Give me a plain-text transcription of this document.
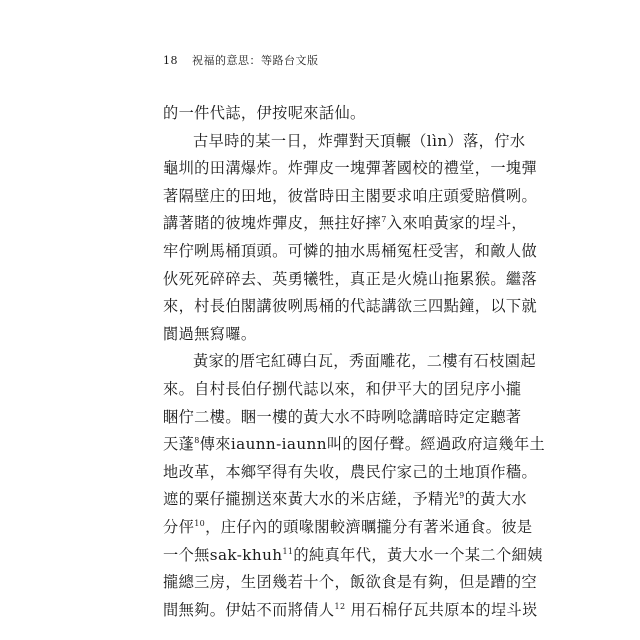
18 祝福的意思：等路台文版
的一件代誌，伊按呢來話仙。
古早時的某一日，炸彈對天頂輾（lìn）落，佇水
龜圳的田溝爆炸。炸彈皮一塊彈著國校的禮堂，一塊彈
著隔壁庄的田地，彼當時田主閣要求咱庄頭愛賠償咧。
講著賭的彼塊炸彈皮，無拄好摔$^7$入來咱黃家的埕斗，
牢佇咧馬桶頂頭。可憐的抽水馬桶冤枉受害，和敵人做
伙死死碎碎去、英勇犧牲，真正是火燒山拖累猴。繼落
來，村長伯閣講彼咧馬桶的代誌講欲三四點鐘，以下就
閬過無寫囉。
黃家的厝宅紅磚白瓦，秀面雕花，二樓有石枝園起
來。自村長伯仔捌代誌以來，和伊平大的囝兒序小攏
睏佇二樓。睏一樓的黃大水不時咧唸講暗時定定聽著
天蓬$^8$傳來iaunn-iaunn叫的囡仔聲。經過政府這幾年土
地改革，本鄉罕得有失收，農民佇家己的土地頂作穡。
遮的粟仔攏捌送來黃大水的米店縒，予精光$^9$的黃大水
分伻$^{10}$，庄仔內的頭喙閣較濟曞攏分有著米通食。彼是
一个無sak-khuh$^{11}$的純真年代，黃大水一个某二个細姨
攏總三房，生囝幾若十个，飯欲食是有夠，但是蹧的空
間無夠。伊姑不而將倩人$^{12}$ 用石棉仔瓦共原本的埕斗崁
